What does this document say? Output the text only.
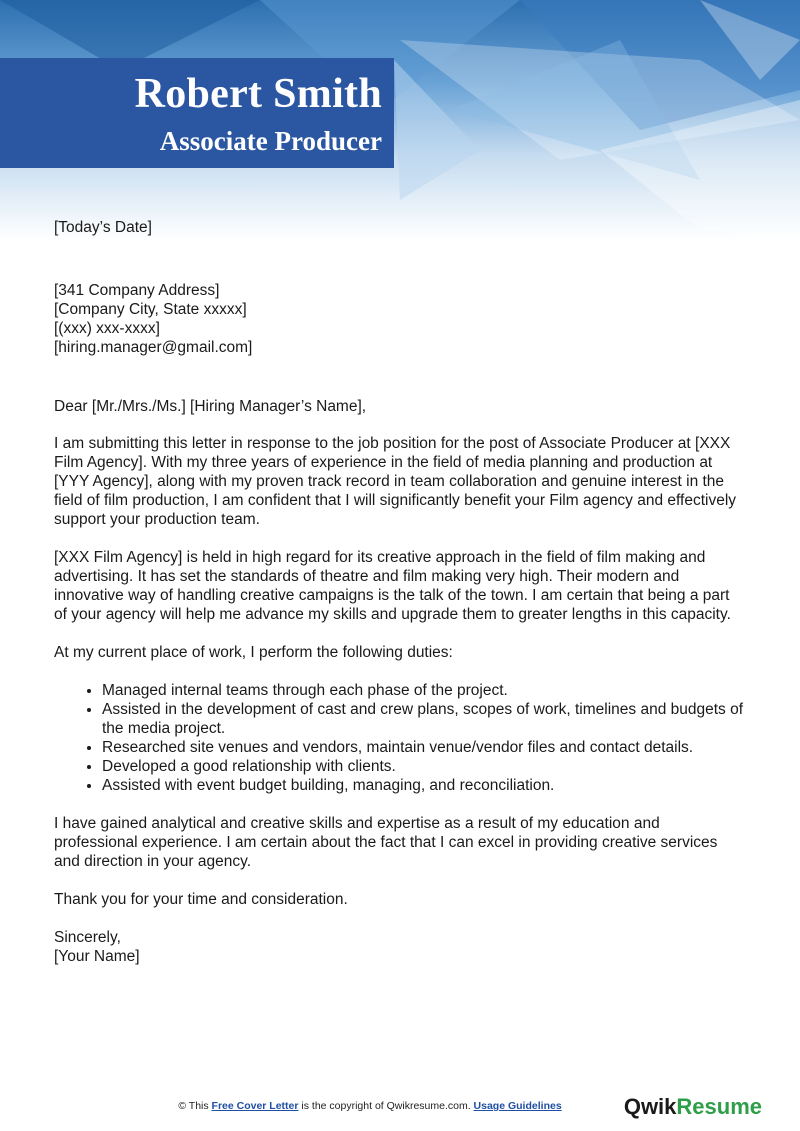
Robert Smith
Associate Producer

[Today’s Date]

[341 Company Address]

[Company City, State xxxxx]

[(xxx) xxx-xxxx]

[hiring.manager@gmail.com]

Dear [Mr./Mrs./Ms.] [Hiring Manager’s Name],

I am submitting this letter in response to the job position for the post of Associate Producer at [XXX Film Agency]. With my three years of experience in the field of media planning and production at [YYY Agency], along with my proven track record in team collaboration and genuine interest in the field of film production, I am confident that I will significantly benefit your Film agency and effectively support your production team.

[XXX Film Agency] is held in high regard for its creative approach in the field of film making and advertising. It has set the standards of theatre and film making very high. Their modern and innovative way of handling creative campaigns is the talk of the town. I am certain that being a part of your agency will help me advance my skills and upgrade them to greater lengths in this capacity.

At my current place of work, I perform the following duties:

• Managed internal teams through each phase of the project.
• Assisted in the development of cast and crew plans, scopes of work, timelines and budgets of the media project.
• Researched site venues and vendors, maintain venue/vendor files and contact details.
• Developed a good relationship with clients.
• Assisted with event budget building, managing, and reconciliation.

I have gained analytical and creative skills and expertise as a result of my education and professional experience. I am certain about the fact that I can excel in providing creative services and direction in your agency.

Thank you for your time and consideration.

Sincerely,

[Your Name]

© This Free Cover Letter is the copyright of Qwikresume.com. Usage Guidelines	QwikResume
